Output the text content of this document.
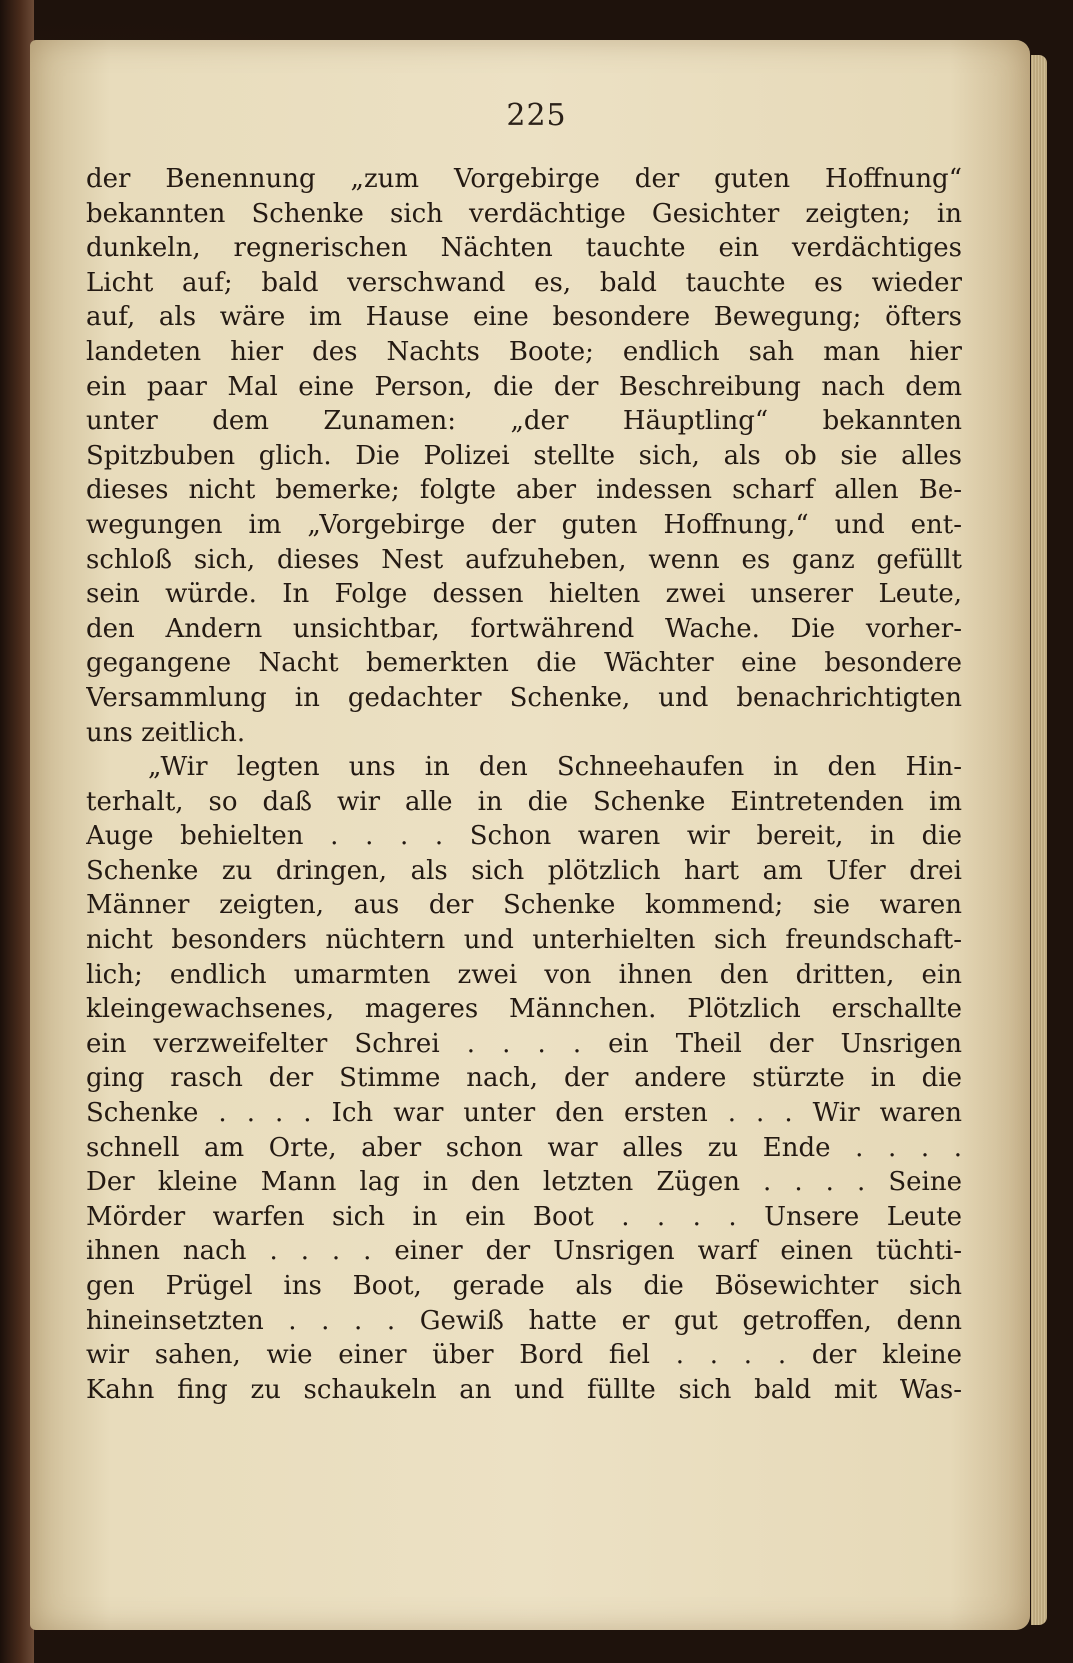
225
der Benennung „zum Vorgebirge der guten Hoffnung“
bekannten Schenke sich verdächtige Gesichter zeigten; in
dunkeln, regnerischen Nächten tauchte ein verdächtiges
Licht auf; bald verschwand es, bald tauchte es wieder
auf, als wäre im Hause eine besondere Bewegung; öfters
landeten hier des Nachts Boote; endlich sah man hier
ein paar Mal eine Person, die der Beschreibung nach dem
unter dem Zunamen: „der Häuptling“ bekannten
Spitzbuben glich. Die Polizei stellte sich, als ob sie alles
dieses nicht bemerke; folgte aber indessen scharf allen Be-
wegungen im „Vorgebirge der guten Hoffnung,“ und ent-
schloß sich, dieses Nest aufzuheben, wenn es ganz gefüllt
sein würde. In Folge dessen hielten zwei unserer Leute,
den Andern unsichtbar, fortwährend Wache. Die vorher-
gegangene Nacht bemerkten die Wächter eine besondere
Versammlung in gedachter Schenke, und benachrichtigten
uns zeitlich.
„Wir legten uns in den Schneehaufen in den Hin-
terhalt, so daß wir alle in die Schenke Eintretenden im
Auge behielten . . . . Schon waren wir bereit, in die
Schenke zu dringen, als sich plötzlich hart am Ufer drei
Männer zeigten, aus der Schenke kommend; sie waren
nicht besonders nüchtern und unterhielten sich freundschaft-
lich; endlich umarmten zwei von ihnen den dritten, ein
kleingewachsenes, mageres Männchen. Plötzlich erschallte
ein verzweifelter Schrei . . . . ein Theil der Unsrigen
ging rasch der Stimme nach, der andere stürzte in die
Schenke . . . . Ich war unter den ersten . . . Wir waren
schnell am Orte, aber schon war alles zu Ende . . . .
Der kleine Mann lag in den letzten Zügen . . . . Seine
Mörder warfen sich in ein Boot . . . . Unsere Leute
ihnen nach . . . . einer der Unsrigen warf einen tüchti-
gen Prügel ins Boot, gerade als die Bösewichter sich
hineinsetzten . . . . Gewiß hatte er gut getroffen, denn
wir sahen, wie einer über Bord fiel . . . . der kleine
Kahn fing zu schaukeln an und füllte sich bald mit Was-
